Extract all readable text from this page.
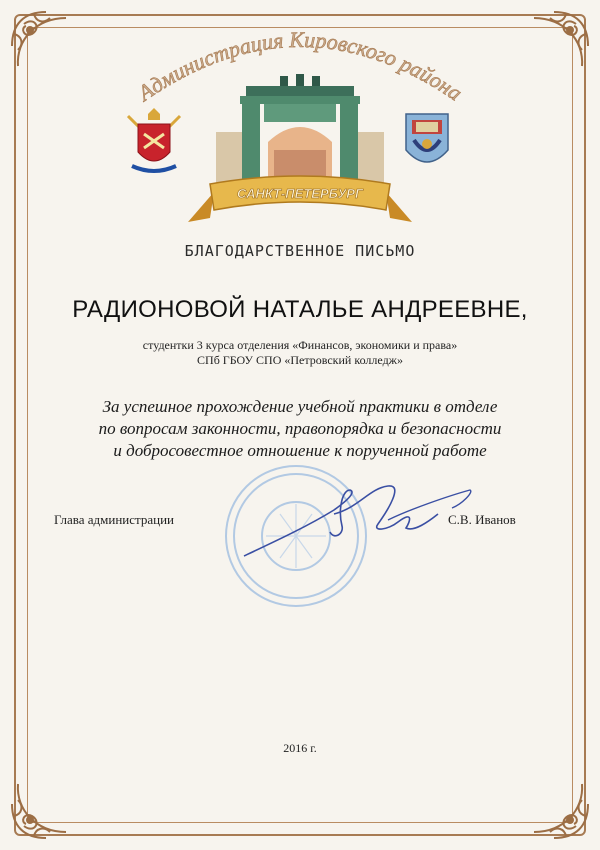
Администрация Кировского района
САНКТ-ПЕТЕРБУРГ
БЛАГОДАРСТВЕННОЕ ПИСЬМО
РАДИОНОВОЙ НАТАЛЬЕ АНДРЕЕВНЕ,
студентки 3 курса отделения «Финансов, экономики и права»
СПб ГБОУ СПО «Петровский колледж»
За успешное прохождение учебной практики в отделе
по вопросам законности, правопорядка и безопасности
и добросовестное отношение к порученной работе
Глава администрации	С.В. Иванов
2016 г.
